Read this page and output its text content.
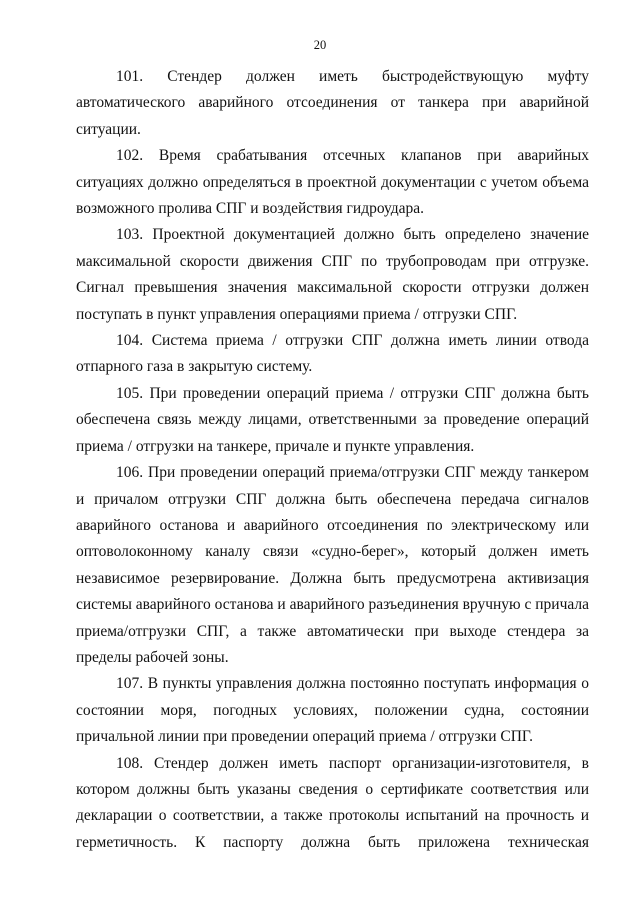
20

101. Стендер должен иметь быстродействующую муфту автоматического аварийного отсоединения от танкера при аварийной ситуации.

102. Время срабатывания отсечных клапанов при аварийных ситуациях должно определяться в проектной документации с учетом объема возможного пролива СПГ и воздействия гидроудара.

103. Проектной документацией должно быть определено значение максимальной скорости движения СПГ по трубопроводам при отгрузке. Сигнал превышения значения максимальной скорости отгрузки должен поступать в пункт управления операциями приема / отгрузки СПГ.

104. Система приема / отгрузки СПГ должна иметь линии отвода отпарного газа в закрытую систему.

105. При проведении операций приема / отгрузки СПГ должна быть обеспечена связь между лицами, ответственными за проведение операций приема / отгрузки на танкере, причале и пункте управления.

106. При проведении операций приема/отгрузки СПГ между танкером и причалом отгрузки СПГ должна быть обеспечена передача сигналов аварийного останова и аварийного отсоединения по электрическому или оптоволоконному каналу связи «судно-берег», который должен иметь независимое резервирование. Должна быть предусмотрена активизация системы аварийного останова и аварийного разъединения вручную с причала приема/отгрузки СПГ, а также автоматически при выходе стендера за пределы рабочей зоны.

107. В пункты управления должна постоянно поступать информация о состоянии моря, погодных условиях, положении судна, состоянии причальной линии при проведении операций приема / отгрузки СПГ.

108. Стендер должен иметь паспорт организации-изготовителя, в котором должны быть указаны сведения о сертификате соответствия или декларации о соответствии, а также протоколы испытаний на прочность и герметичность. К паспорту должна быть приложена техническая
